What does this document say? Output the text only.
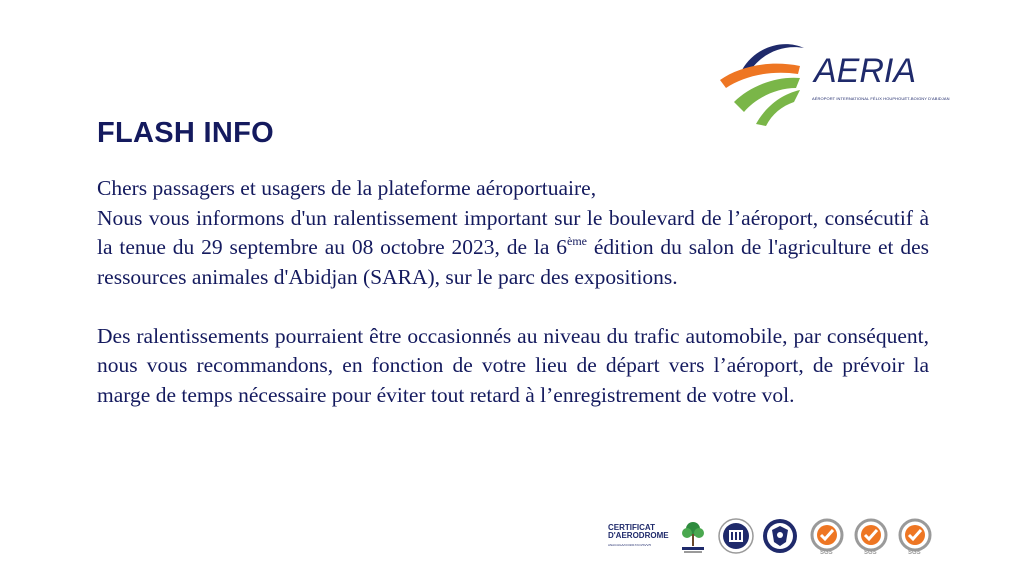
AERIA
AÉROPORT INTERNATIONAL FÉLIX HOUPHOUËT-BOIGNY D'ABIDJAN
FLASH INFO

Chers passagers et usagers de la plateforme aéroportuaire,

Nous vous informons d'un ralentissement important sur le boulevard de l’aéroport, consécutif à la tenue du 29 septembre au 08 octobre 2023, de la 6ème édition du salon de l'agriculture et des ressources animales d'Abidjan (SARA), sur le parc des expositions.

Des ralentissements pourraient être occasionnés au niveau du trafic automobile, par conséquent, nous vous recommandons, en fonction de votre lieu de départ vers l’aéroport, de prévoir la marge de temps nécessaire pour éviter tout retard à l’enregistrement de votre vol.

CERTIFICAT
D'AERODROME
ANAC/AGA/CO/2017/CO/SVV/5
SGS	SGS	SGS
